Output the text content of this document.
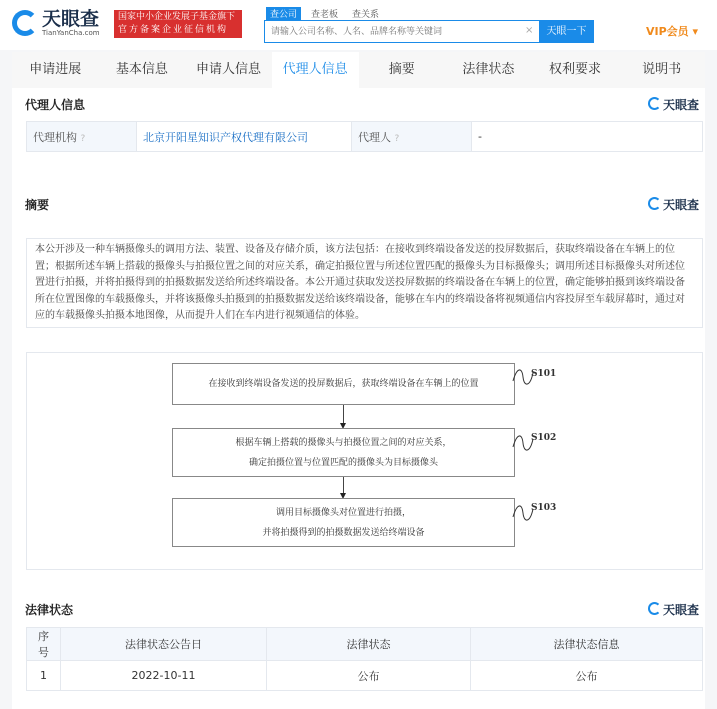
天眼查
TianYanCha.com
国家中小企业发展子基金旗下
官方备案企业征信机构
查公司	查老板	查关系
请输入公司名称、人名、品牌名称等关键词
×	天眼一下	VIP会员 ▾
申请进展	基本信息	申请人信息	代理人信息	摘要	法律状态	权利要求	说明书
代理人信息	天眼查
代理机构 ?	北京开阳星知识产权代理有限公司	代理人 ?	-
摘要	天眼查
本公开涉及一种车辆摄像头的调用方法、装置、设备及存储介质，该方法包括：在接收到终端设备发送的投屏数据后，获取终端设备在车辆上的位置；根据所述车辆上搭载的摄像头与拍摄位置之间的对应关系，确定拍摄位置与所述位置匹配的摄像头为目标摄像头；调用所述目标摄像头对所述位置进行拍摄，并将拍摄得到的拍摄数据发送给所述终端设备。本公开通过获取发送投屏数据的终端设备在车辆上的位置，确定能够拍摄到该终端设备所在位置图像的车载摄像头，并将该摄像头拍摄到的拍摄数据发送给该终端设备，能够在车内的终端设备将视频通信内容投屏至车载屏幕时，通过对应的车载摄像头拍摄本地图像，从而提升人们在车内进行视频通信的体验。
在接收到终端设备发送的投屏数据后，获取终端设备在车辆上的位置
根据车辆上搭载的摄像头与拍摄位置之间的对应关系，
确定拍摄位置与位置匹配的摄像头为目标摄像头
调用目标摄像头对位置进行拍摄，
并将拍摄得到的拍摄数据发送给终端设备
S101
S102
S103
法律状态	天眼查
序号	法律状态公告日	法律状态	法律状态信息
1	2022-10-11	公布	公布
